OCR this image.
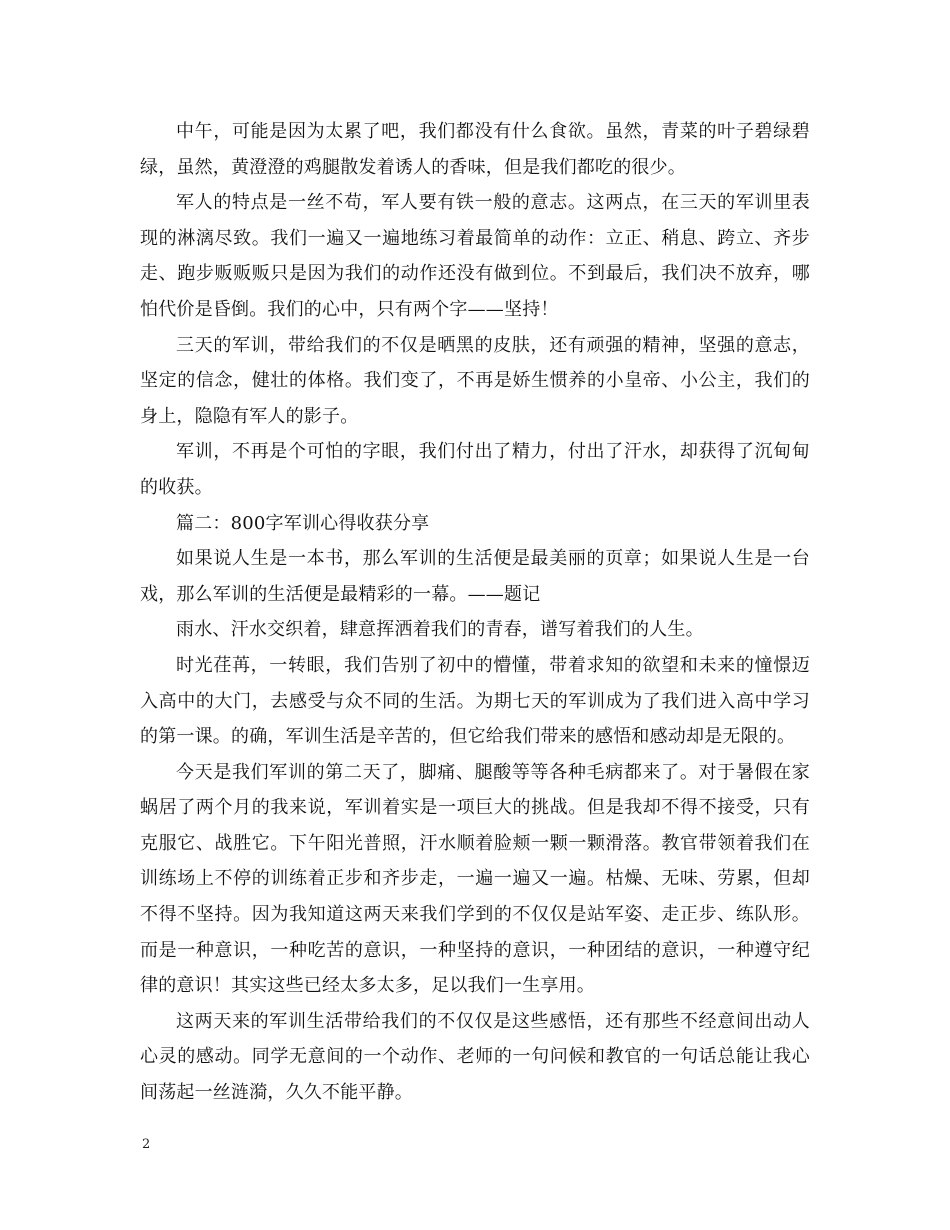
中午，可能是因为太累了吧，我们都没有什么食欲。虽然，青菜的叶子碧绿碧绿，虽然，黄澄澄的鸡腿散发着诱人的香味，但是我们都吃的很少。

军人的特点是一丝不苟，军人要有铁一般的意志。这两点，在三天的军训里表现的淋漓尽致。我们一遍又一遍地练习着最简单的动作：立正、稍息、跨立、齐步走、跑步贩贩贩只是因为我们的动作还没有做到位。不到最后，我们决不放弃，哪怕代价是昏倒。我们的心中，只有两个字——坚持！

三天的军训，带给我们的不仅是晒黑的皮肤，还有顽强的精神，坚强的意志，坚定的信念，健壮的体格。我们变了，不再是娇生惯养的小皇帝、小公主，我们的身上，隐隐有军人的影子。

军训，不再是个可怕的字眼，我们付出了精力，付出了汗水，却获得了沉甸甸的收获。

篇二：800字军训心得收获分享

如果说人生是一本书，那么军训的生活便是最美丽的页章；如果说人生是一台戏，那么军训的生活便是最精彩的一幕。——题记

雨水、汗水交织着，肆意挥洒着我们的青春，谱写着我们的人生。

时光荏苒，一转眼，我们告别了初中的懵懂，带着求知的欲望和未来的憧憬迈入高中的大门，去感受与众不同的生活。为期七天的军训成为了我们进入高中学习的第一课。的确，军训生活是辛苦的，但它给我们带来的感悟和感动却是无限的。

今天是我们军训的第二天了，脚痛、腿酸等等各种毛病都来了。对于暑假在家蜗居了两个月的我来说，军训着实是一项巨大的挑战。但是我却不得不接受，只有克服它、战胜它。下午阳光普照，汗水顺着脸颊一颗一颗滑落。教官带领着我们在训练场上不停的训练着正步和齐步走，一遍一遍又一遍。枯燥、无味、劳累，但却不得不坚持。因为我知道这两天来我们学到的不仅仅是站军姿、走正步、练队形。而是一种意识，一种吃苦的意识，一种坚持的意识，一种团结的意识，一种遵守纪律的意识！其实这些已经太多太多，足以我们一生享用。

这两天来的军训生活带给我们的不仅仅是这些感悟，还有那些不经意间出动人心灵的感动。同学无意间的一个动作、老师的一句问候和教官的一句话总能让我心间荡起一丝涟漪，久久不能平静。

2
